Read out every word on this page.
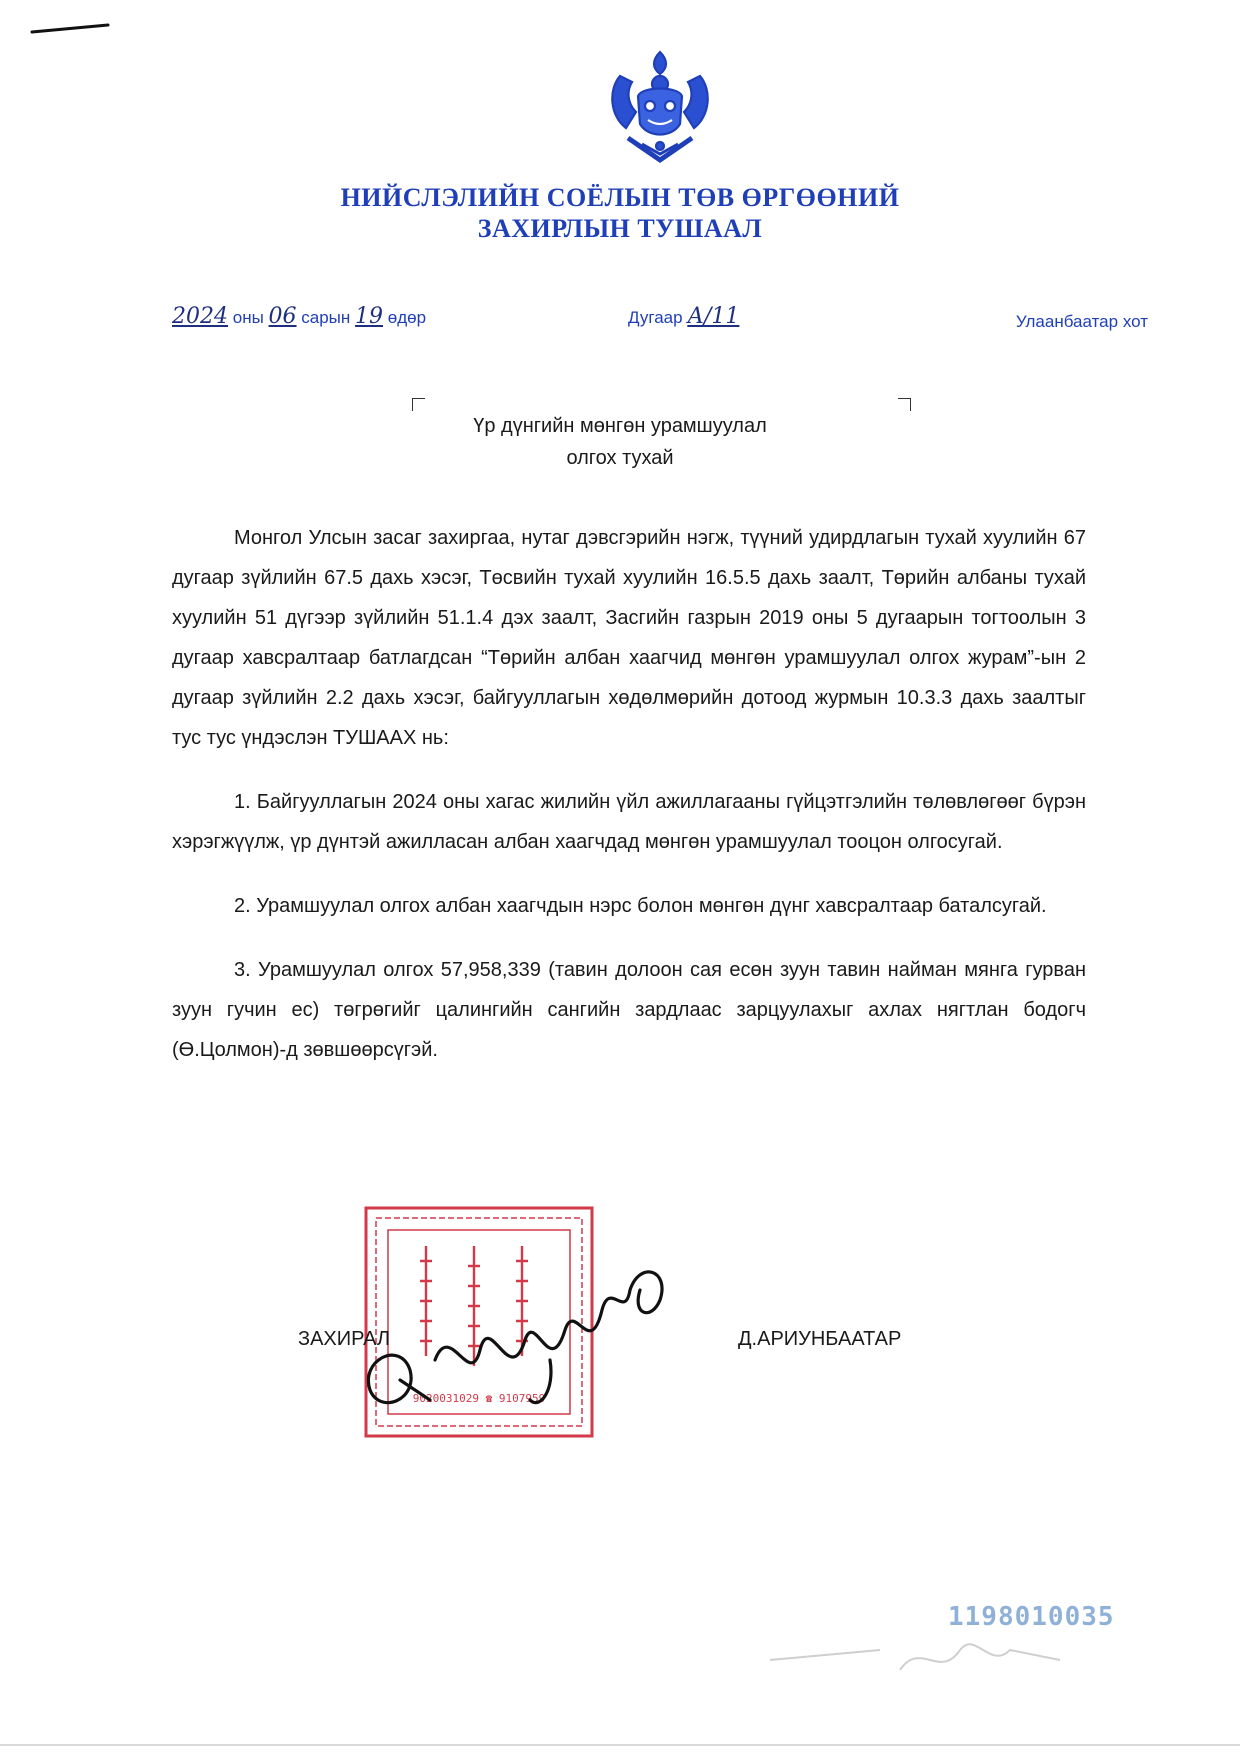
НИЙСЛЭЛИЙН СОЁЛЫН ТӨВ ӨРГӨӨНИЙ
ЗАХИРЛЫН ТУШААЛ
2024 оны 06 сарын 19 өдөр	Дугаар А/11	Улаанбаатар хот
Үр дүнгийн мөнгөн урамшуулал
олгох тухай

Монгол Улсын засаг захиргаа, нутаг дэвсгэрийн нэгж, түүний удирдлагын тухай хуулийн 67 дугаар зүйлийн 67.5 дахь хэсэг, Төсвийн тухай хуулийн 16.5.5 дахь заалт, Төрийн албаны тухай хуулийн 51 дүгээр зүйлийн 51.1.4 дэх заалт, Засгийн газрын 2019 оны 5 дугаарын тогтоолын 3 дугаар хавсралтаар батлагдсан “Төрийн албан хаагчид мөнгөн урамшуулал олгох журам”-ын 2 дугаар зүйлийн 2.2 дахь хэсэг, байгууллагын хөдөлмөрийн дотоод журмын 10.3.3 дахь заалтыг тус тус үндэслэн ТУШААХ нь:

1. Байгууллагын 2024 оны хагас жилийн үйл ажиллагааны гүйцэтгэлийн төлөвлөгөөг бүрэн хэрэгжүүлж, үр дүнтэй ажилласан албан хаагчдад мөнгөн урамшуулал тооцон олгосугай.

2. Урамшуулал олгох албан хаагчдын нэрс болон мөнгөн дүнг хавсралтаар баталсугай.

3. Урамшуулал олгох 57,958,339 (тавин долоон сая есөн зуун тавин найман мянга гурван зуун гучин ес) төгрөгийг цалингийн сангийн зардлаас зарцуулахыг ахлах нягтлан бодогч (Ө.Цолмон)-д зөвшөөрсүгэй.

9020031029 ☎ 9107959
ЗАХИРАЛ	Д.АРИУНБААТАР
1198010035
